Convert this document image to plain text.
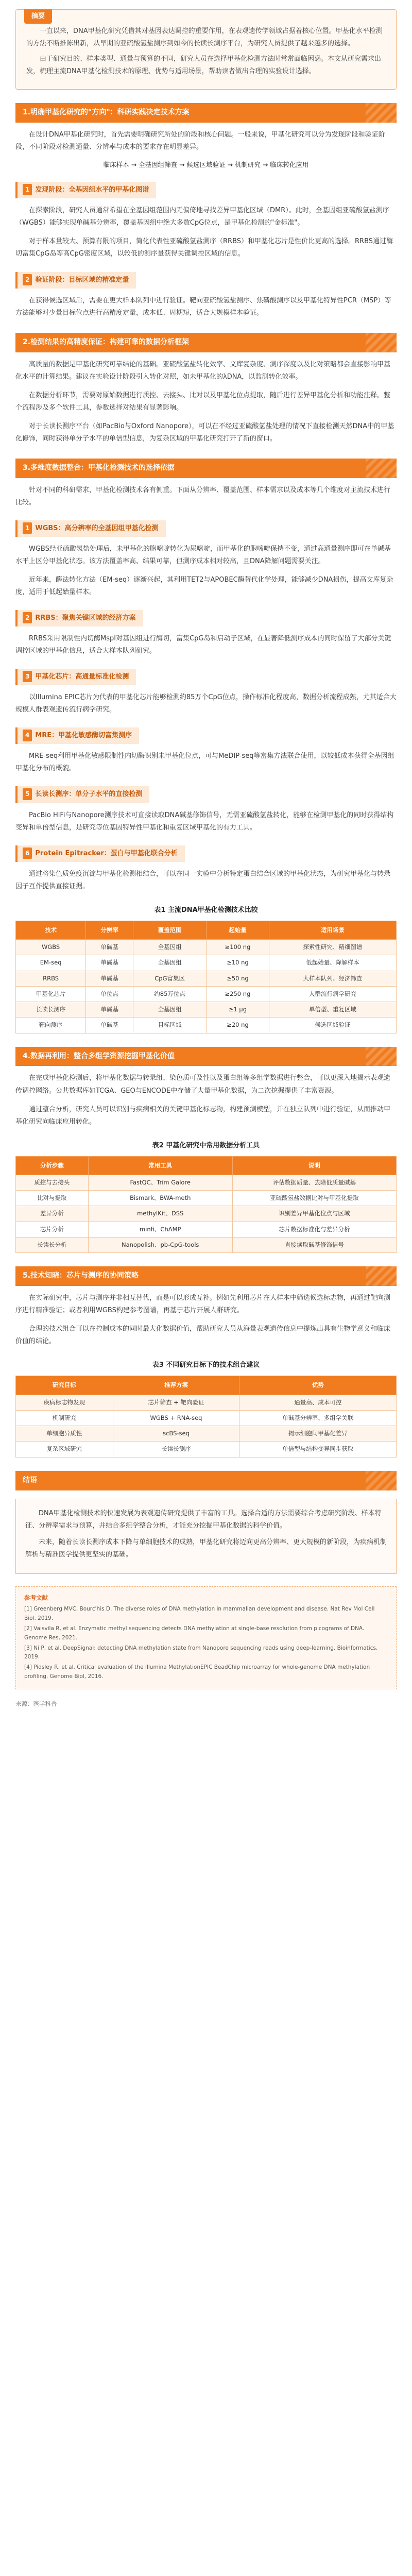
摘要

一直以来，DNA甲基化研究凭借其对基因表达调控的重要作用，在表观遗传学领域占据着核心位置。甲基化水平检测的方法不断推陈出新，从早期的亚硫酸氢盐测序到如今的长读长测序平台，为研究人员提供了越来越多的选择。

由于研究目的、样本类型、通量与预算的不同，研究人员在选择甲基化检测方法时常常面临困惑。本文从研究需求出发，梳理主流DNA甲基化检测技术的原理、优势与适用场景，帮助读者做出合理的实验设计选择。

1.明确甲基化研究的"方向"：科研实践决定技术方案

在设计DNA甲基化研究时，首先需要明确研究所处的阶段和核心问题。一般来说，甲基化研究可以分为发现阶段和验证阶段，不同阶段对检测通量、分辨率与成本的要求存在明显差异。

临床样本 → 全基因组筛查 → 候选区域验证 → 机制研究 → 临床转化应用
1 发现阶段：全基因组水平的甲基化图谱

在探索阶段，研究人员通常希望在全基因组范围内无偏倚地寻找差异甲基化区域（DMR）。此时，全基因组亚硫酸氢盐测序（WGBS）能够实现单碱基分辨率，覆盖基因组中绝大多数CpG位点，是甲基化检测的"金标准"。

对于样本量较大、预算有限的项目，简化代表性亚硫酸氢盐测序（RRBS）和甲基化芯片是性价比更高的选择。RRBS通过酶切富集CpG岛等高CpG密度区域，以较低的测序量获得关键调控区域的信息。

2 验证阶段：目标区域的精准定量

在获得候选区域后，需要在更大样本队列中进行验证。靶向亚硫酸氢盐测序、焦磷酸测序以及甲基化特异性PCR（MSP）等方法能够对少量目标位点进行高精度定量，成本低、周期短，适合大规模样本验证。

2.检测结果的高精度保证：构建可靠的数据分析框架

高质量的数据是甲基化研究可靠结论的基础。亚硫酸氢盐转化效率、文库复杂度、测序深度以及比对策略都会直接影响甲基化水平的计算结果。建议在实验设计阶段引入转化对照，如未甲基化的λDNA，以监测转化效率。

在数据分析环节，需要对原始数据进行质控、去接头、比对以及甲基化位点提取，随后进行差异甲基化分析和功能注释。整个流程涉及多个软件工具，参数选择对结果有显著影响。

对于长读长测序平台（如PacBio与Oxford Nanopore），可以在不经过亚硫酸氢盐处理的情况下直接检测天然DNA中的甲基化修饰，同时获得单分子水平的单倍型信息，为复杂区域的甲基化研究打开了新的窗口。

3.多维度数据整合：甲基化检测技术的选择依据

针对不同的科研需求，甲基化检测技术各有侧重。下面从分辨率、覆盖范围、样本需求以及成本等几个维度对主流技术进行比较。

1 WGBS：高分辨率的全基因组甲基化检测

WGBS经亚硫酸氢盐处理后，未甲基化的胞嘧啶转化为尿嘧啶，而甲基化的胞嘧啶保持不变，通过高通量测序即可在单碱基水平上区分甲基化状态。该方法覆盖率高、结果可靠，但测序成本相对较高，且DNA降解问题需要关注。

近年来，酶法转化方法（EM-seq）逐渐兴起，其利用TET2与APOBEC酶替代化学处理，能够减少DNA损伤，提高文库复杂度，适用于低起始量样本。

2 RRBS：聚焦关键区域的经济方案

RRBS采用限制性内切酶MspI对基因组进行酶切，富集CpG岛和启动子区域，在显著降低测序成本的同时保留了大部分关键调控区域的甲基化信息，适合大样本队列研究。

3 甲基化芯片：高通量标准化检测

以Illumina EPIC芯片为代表的甲基化芯片能够检测约85万个CpG位点，操作标准化程度高，数据分析流程成熟，尤其适合大规模人群表观遗传流行病学研究。

4 MRE：甲基化敏感酶切富集测序

MRE-seq利用甲基化敏感限制性内切酶识别未甲基化位点，可与MeDIP-seq等富集方法联合使用，以较低成本获得全基因组甲基化分布的概貌。

5 长读长测序：单分子水平的直接检测

PacBio HiFi与Nanopore测序技术可直接读取DNA碱基修饰信号，无需亚硫酸氢盐转化，能够在检测甲基化的同时获得结构变异和单倍型信息，是研究等位基因特异性甲基化和重复区域甲基化的有力工具。

6 Protein Epitracker：蛋白与甲基化联合分析

通过将染色质免疫沉淀与甲基化检测相结合，可以在同一实验中分析特定蛋白结合区域的甲基化状态，为研究甲基化与转录因子互作提供直接证据。

表1 主流DNA甲基化检测技术比较
技术	分辨率	覆盖范围	起始量	适用场景
WGBS	单碱基	全基因组	≥100 ng	探索性研究、精细图谱
EM-seq	单碱基	全基因组	≥10 ng	低起始量、降解样本
RRBS	单碱基	CpG富集区	≥50 ng	大样本队列、经济筛查
甲基化芯片	单位点	约85万位点	≥250 ng	人群流行病学研究
长读长测序	单碱基	全基因组	≥1 μg	单倍型、重复区域
靶向测序	单碱基	目标区域	≥20 ng	候选区域验证
4.数据再利用：整合多组学资源挖掘甲基化价值

在完成甲基化检测后，将甲基化数据与转录组、染色质可及性以及蛋白组等多组学数据进行整合，可以更深入地揭示表观遗传调控网络。公共数据库如TCGA、GEO与ENCODE中存储了大量甲基化数据，为二次挖掘提供了丰富资源。

通过整合分析，研究人员可以识别与疾病相关的关键甲基化标志物，构建预测模型，并在独立队列中进行验证，从而推动甲基化研究向临床应用转化。

表2 甲基化研究中常用数据分析工具
分析步骤	常用工具	说明
质控与去接头	FastQC、Trim Galore	评估数据质量、去除低质量碱基
比对与提取	Bismark、BWA-meth	亚硫酸氢盐数据比对与甲基化提取
差异分析	methylKit、DSS	识别差异甲基化位点与区域
芯片分析	minfi、ChAMP	芯片数据标准化与差异分析
长读长分析	Nanopolish、pb-CpG-tools	直接读取碱基修饰信号
5.技术知晓：芯片与测序的协同策略

在实际研究中，芯片与测序并非相互替代，而是可以形成互补。例如先利用芯片在大样本中筛选候选标志物，再通过靶向测序进行精准验证；或者利用WGBS构建参考图谱，再基于芯片开展人群研究。

合理的技术组合可以在控制成本的同时最大化数据价值，帮助研究人员从海量表观遗传信息中提炼出具有生物学意义和临床价值的结论。

表3 不同研究目标下的技术组合建议
研究目标	推荐方案	优势
疾病标志物发现	芯片筛查 + 靶向验证	通量高、成本可控
机制研究	WGBS + RNA-seq	单碱基分辨率、多组学关联
单细胞异质性	scBS-seq	揭示细胞间甲基化差异
复杂区域研究	长读长测序	单倍型与结构变异同步获取
结语

DNA甲基化检测技术的快速发展为表观遗传研究提供了丰富的工具。选择合适的方法需要综合考虑研究阶段、样本特征、分辨率需求与预算，并结合多组学整合分析，才能充分挖掘甲基化数据的科学价值。

未来，随着长读长测序成本下降与单细胞技术的成熟，甲基化研究将迈向更高分辨率、更大规模的新阶段，为疾病机制解析与精准医学提供更坚实的基础。

参考文献
[1] Greenberg MVC, Bourc'his D. The diverse roles of DNA methylation in mammalian development and disease. Nat Rev Mol Cell Biol, 2019.
[2] Vaisvila R, et al. Enzymatic methyl sequencing detects DNA methylation at single-base resolution from picograms of DNA. Genome Res, 2021.
[3] Ni P, et al. DeepSignal: detecting DNA methylation state from Nanopore sequencing reads using deep-learning. Bioinformatics, 2019.
[4] Pidsley R, et al. Critical evaluation of the Illumina MethylationEPIC BeadChip microarray for whole-genome DNA methylation profiling. Genome Biol, 2016.
来源：医学科普
